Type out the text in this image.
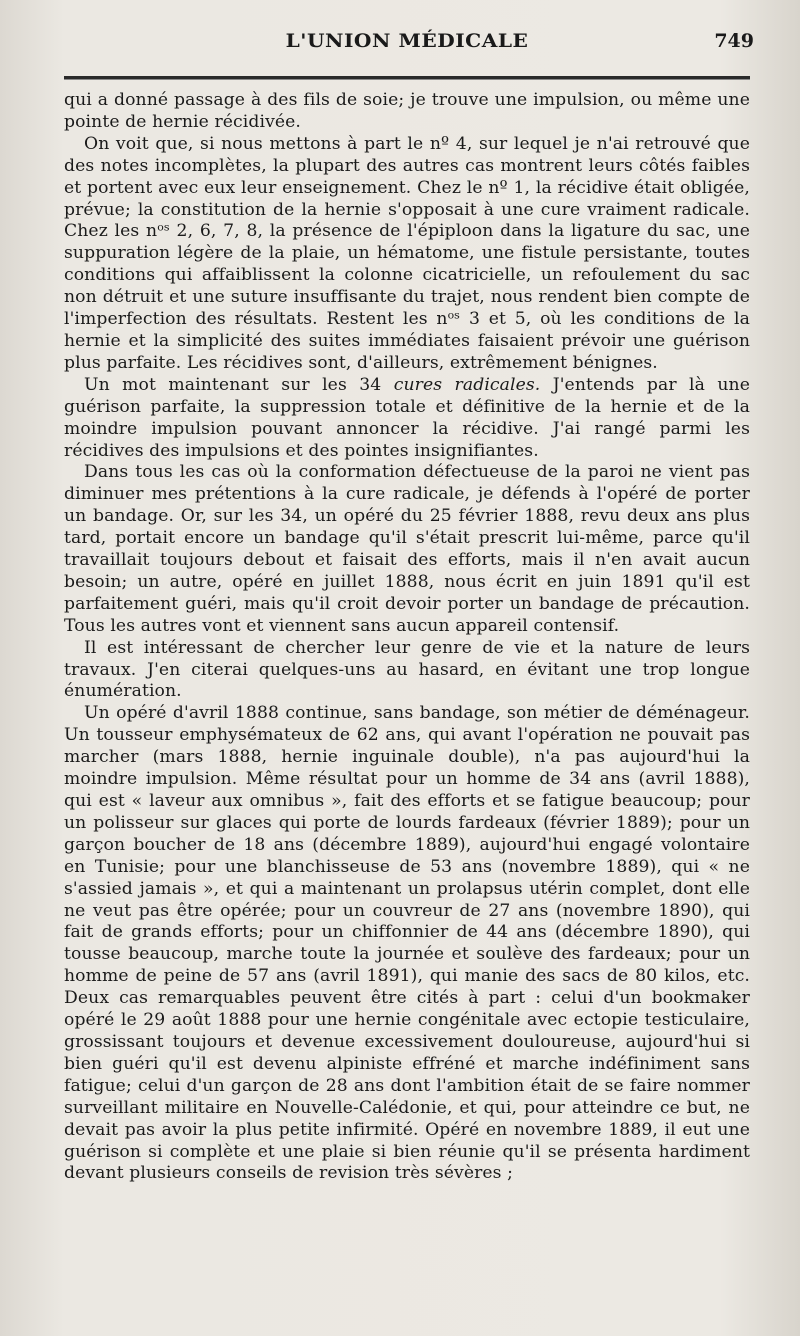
L'UNION MÉDICALE	749

qui a donné passage à des fils de soie; je trouve une impulsion, ou même une pointe de hernie récidivée.

On voit que, si nous mettons à part le nº 4, sur lequel je n'ai retrouvé que des notes incomplètes, la plupart des autres cas montrent leurs côtés faibles et portent avec eux leur enseignement. Chez le nº 1, la récidive était obligée, prévue; la constitution de la hernie s'opposait à une cure vraiment radicale. Chez les nᵒˢ 2, 6, 7, 8, la présence de l'épiploon dans la ligature du sac, une suppuration légère de la plaie, un hématome, une fistule persistante, toutes conditions qui affaiblissent la colonne cicatricielle, un refoulement du sac non détruit et une suture insuffisante du trajet, nous rendent bien compte de l'imperfection des résultats. Restent les nᵒˢ 3 et 5, où les conditions de la hernie et la simplicité des suites immédiates faisaient prévoir une guérison plus parfaite. Les récidives sont, d'ailleurs, extrêmement bénignes.

Un mot maintenant sur les 34 cures radicales. J'entends par là une guérison parfaite, la suppression totale et définitive de la hernie et de la moindre impulsion pouvant annoncer la récidive. J'ai rangé parmi les récidives des impulsions et des pointes insignifiantes.

Dans tous les cas où la conformation défectueuse de la paroi ne vient pas diminuer mes prétentions à la cure radicale, je défends à l'opéré de porter un bandage. Or, sur les 34, un opéré du 25 février 1888, revu deux ans plus tard, portait encore un bandage qu'il s'était prescrit lui-même, parce qu'il travaillait toujours debout et faisait des efforts, mais il n'en avait aucun besoin; un autre, opéré en juillet 1888, nous écrit en juin 1891 qu'il est parfaitement guéri, mais qu'il croit devoir porter un bandage de précaution. Tous les autres vont et viennent sans aucun appareil contensif.

Il est intéressant de chercher leur genre de vie et la nature de leurs travaux. J'en citerai quelques-uns au hasard, en évitant une trop longue énumération.

Un opéré d'avril 1888 continue, sans bandage, son métier de déménageur. Un tousseur emphysémateux de 62 ans, qui avant l'opération ne pouvait pas marcher (mars 1888, hernie inguinale double), n'a pas aujourd'hui la moindre impulsion. Même résultat pour un homme de 34 ans (avril 1888), qui est « laveur aux omnibus », fait des efforts et se fatigue beaucoup; pour un polisseur sur glaces qui porte de lourds fardeaux (février 1889); pour un garçon boucher de 18 ans (décembre 1889), aujourd'hui engagé volontaire en Tunisie; pour une blanchisseuse de 53 ans (novembre 1889), qui « ne s'assied jamais », et qui a maintenant un prolapsus utérin complet, dont elle ne veut pas être opérée; pour un couvreur de 27 ans (novembre 1890), qui fait de grands efforts; pour un chiffonnier de 44 ans (décembre 1890), qui tousse beaucoup, marche toute la journée et soulève des fardeaux; pour un homme de peine de 57 ans (avril 1891), qui manie des sacs de 80 kilos, etc. Deux cas remarquables peuvent être cités à part : celui d'un bookmaker opéré le 29 août 1888 pour une hernie congénitale avec ectopie testiculaire, grossissant toujours et devenue excessivement douloureuse, aujourd'hui si bien guéri qu'il est devenu alpiniste effréné et marche indéfiniment sans fatigue; celui d'un garçon de 28 ans dont l'ambition était de se faire nommer surveillant militaire en Nouvelle-Calédonie, et qui, pour atteindre ce but, ne devait pas avoir la plus petite infirmité. Opéré en novembre 1889, il eut une guérison si complète et une plaie si bien réunie qu'il se présenta hardiment devant plusieurs conseils de revision très sévères ;
